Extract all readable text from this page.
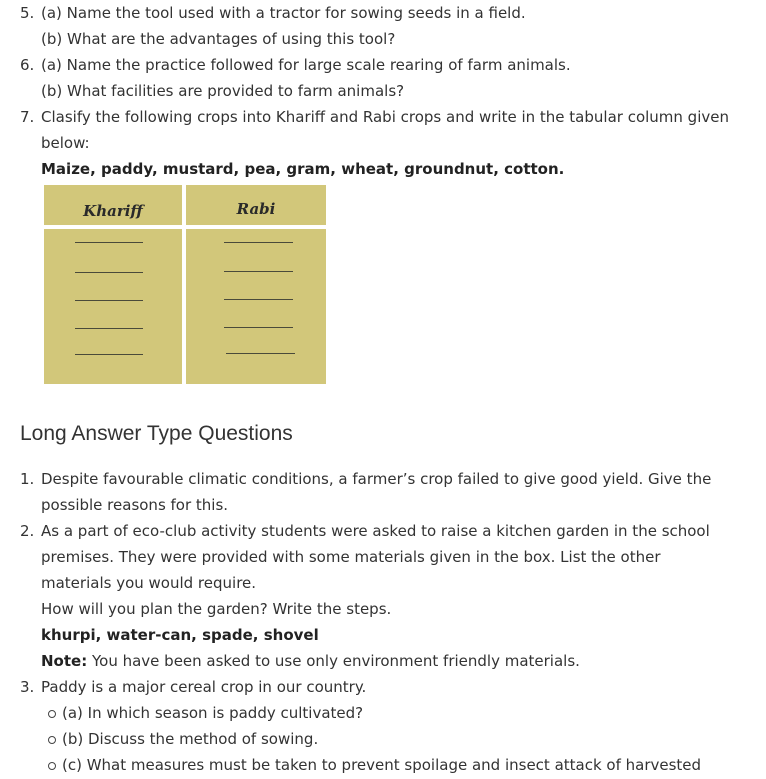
5. (a) Name the tool used with a tractor for sowing seeds in a field.
(b) What are the advantages of using this tool?
6. (a) Name the practice followed for large scale rearing of farm animals.
(b) What facilities are provided to farm animals?
7. Clasify the following crops into Khariff and Rabi crops and write in the tabular column given
below:
Maize, paddy, mustard, pea, gram, wheat, groundnut, cotton.
Khariff	Rabi
Long Answer Type Questions
1. Despite favourable climatic conditions, a farmer’s crop failed to give good yield. Give the
possible reasons for this.
2. As a part of eco-club activity students were asked to raise a kitchen garden in the school
premises. They were provided with some materials given in the box. List the other
materials you would require.
How will you plan the garden? Write the steps.
khurpi, water-can, spade, shovel
Note: You have been asked to use only environment friendly materials.
3. Paddy is a major cereal crop in our country.
(a) In which season is paddy cultivated?
(b) Discuss the method of sowing.
(c) What measures must be taken to prevent spoilage and insect attack of harvested
